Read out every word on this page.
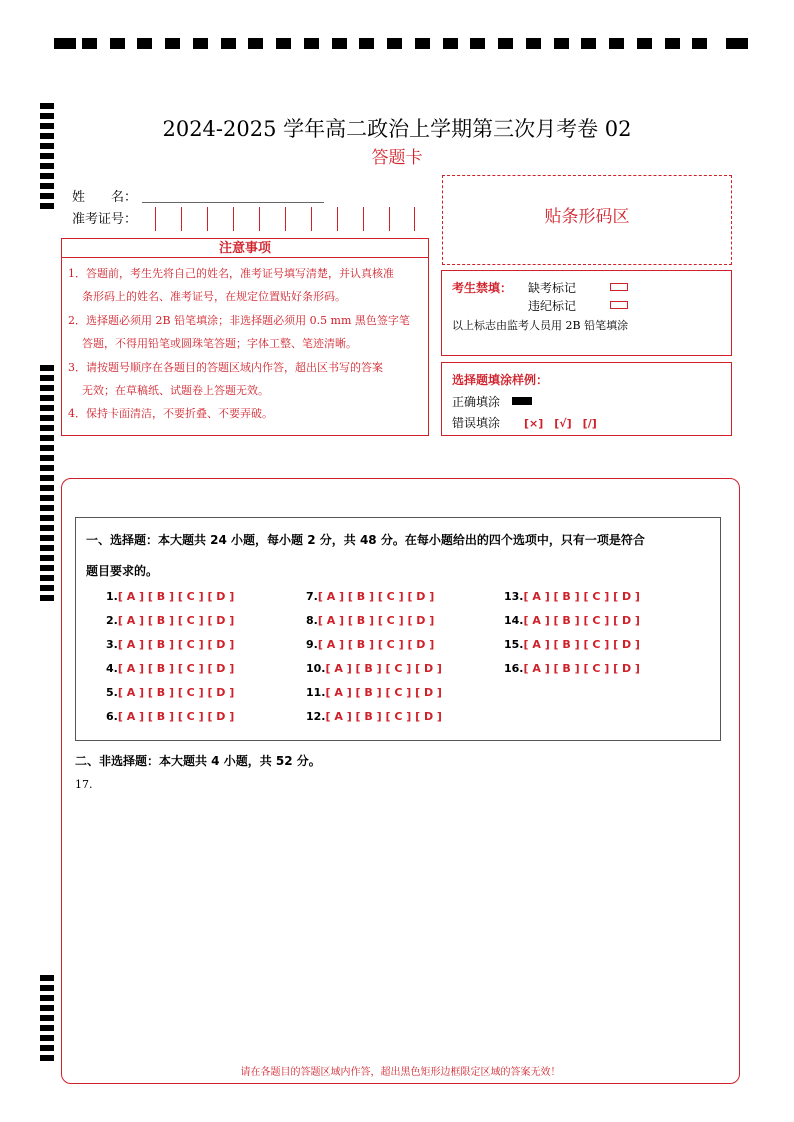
2024-2025 学年高二政治上学期第三次月考卷 02
答题卡
姓　　名：
准考证号：
注意事项

1．答题前，考生先将自己的姓名，准考证号填写清楚，并认真核准

条形码上的姓名、准考证号，在规定位置贴好条形码。

2．选择题必须用 2B 铅笔填涂；非选择题必须用 0.5 mm 黑色签字笔

答题，不得用铅笔或圆珠笔答题；字体工整、笔迹清晰。

3．请按题号顺序在各题目的答题区域内作答，超出区书写的答案

无效；在草稿纸、试题卷上答题无效。

4．保持卡面清洁，不要折叠、不要弄破。

贴条形码区
考生禁填： 缺考标记
违纪标记
以上标志由监考人员用 2B 铅笔填涂
选择题填涂样例：
正确填涂
错误填涂 [×]　[√]　[/]
一、选择题：本大题共 24 小题，每小题 2 分，共 48 分。在每小题给出的四个选项中，只有一项是符合
题目要求的。
1.[ A ] [ B ] [ C ] [ D ]
2.[ A ] [ B ] [ C ] [ D ]
3.[ A ] [ B ] [ C ] [ D ]
4.[ A ] [ B ] [ C ] [ D ]
5.[ A ] [ B ] [ C ] [ D ]
6.[ A ] [ B ] [ C ] [ D ]
7.[ A ] [ B ] [ C ] [ D ]
8.[ A ] [ B ] [ C ] [ D ]
9.[ A ] [ B ] [ C ] [ D ]
10.[ A ] [ B ] [ C ] [ D ]
11.[ A ] [ B ] [ C ] [ D ]
12.[ A ] [ B ] [ C ] [ D ]
13.[ A ] [ B ] [ C ] [ D ]
14.[ A ] [ B ] [ C ] [ D ]
15.[ A ] [ B ] [ C ] [ D ]
16.[ A ] [ B ] [ C ] [ D ]
二、非选择题：本大题共 4 小题，共 52 分。
17.
请在各题目的答题区域内作答，超出黑色矩形边框限定区域的答案无效！
